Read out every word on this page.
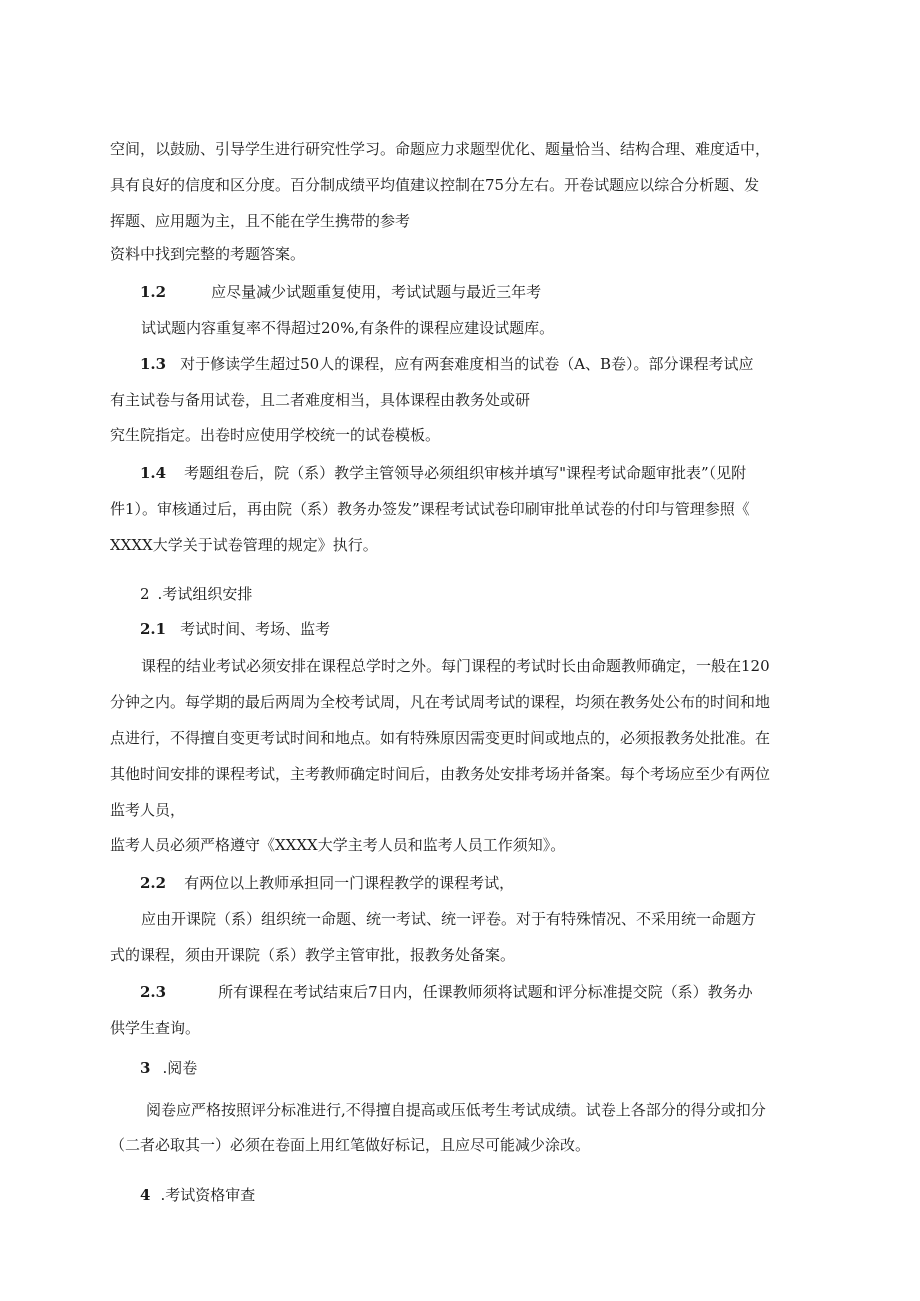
空间，以鼓励、引导学生进行研究性学习。命题应力求题型优化、题量恰当、结构合理、难度适中，
具有良好的信度和区分度。百分制成绩平均值建议控制在75分左右。开卷试题应以综合分析题、发
挥题、应用题为主，且不能在学生携带的参考
资料中找到完整的考题答案。
1.2	应尽量减少试题重复使用，考试试题与最近三年考
试试题内容重复率不得超过20%,有条件的课程应建设试题库。
1.3 对于修读学生超过50人的课程，应有两套难度相当的试卷（A、B卷）。部分课程考试应
有主试卷与备用试卷，且二者难度相当，具体课程由教务处或研
究生院指定。出卷时应使用学校统一的试卷模板。
1.4 考题组卷后，院（系）教学主管领导必须组织审核并填写"课程考试命题审批表”（见附
件1）。审核通过后，再由院（系）教务办签发”课程考试试卷印刷审批单试卷的付印与管理参照《
XXXX大学关于试卷管理的规定》执行。
2 .考试组织安排
2.1 考试时间、考场、监考
课程的结业考试必须安排在课程总学时之外。每门课程的考试时长由命题教师确定，一般在120
分钟之内。每学期的最后两周为全校考试周，凡在考试周考试的课程，均须在教务处公布的时间和地
点进行，不得擅自变更考试时间和地点。如有特殊原因需变更时间或地点的，必须报教务处批准。在
其他时间安排的课程考试，主考教师确定时间后，由教务处安排考场并备案。每个考场应至少有两位
监考人员，
监考人员必须严格遵守《XXXX大学主考人员和监考人员工作须知》。
2.2 有两位以上教师承担同一门课程教学的课程考试，
应由开课院（系）组织统一命题、统一考试、统一评卷。对于有特殊情况、不采用统一命题方
式的课程，须由开课院（系）教学主管审批，报教务处备案。
2.3	所有课程在考试结束后7日内，任课教师须将试题和评分标准提交院（系）教务办
供学生查询。
3 .阅卷
阅卷应严格按照评分标准进行,不得擅自提高或压低考生考试成绩。试卷上各部分的得分或扣分
（二者必取其一）必须在卷面上用红笔做好标记，且应尽可能减少涂改。
4 .考试资格审查
